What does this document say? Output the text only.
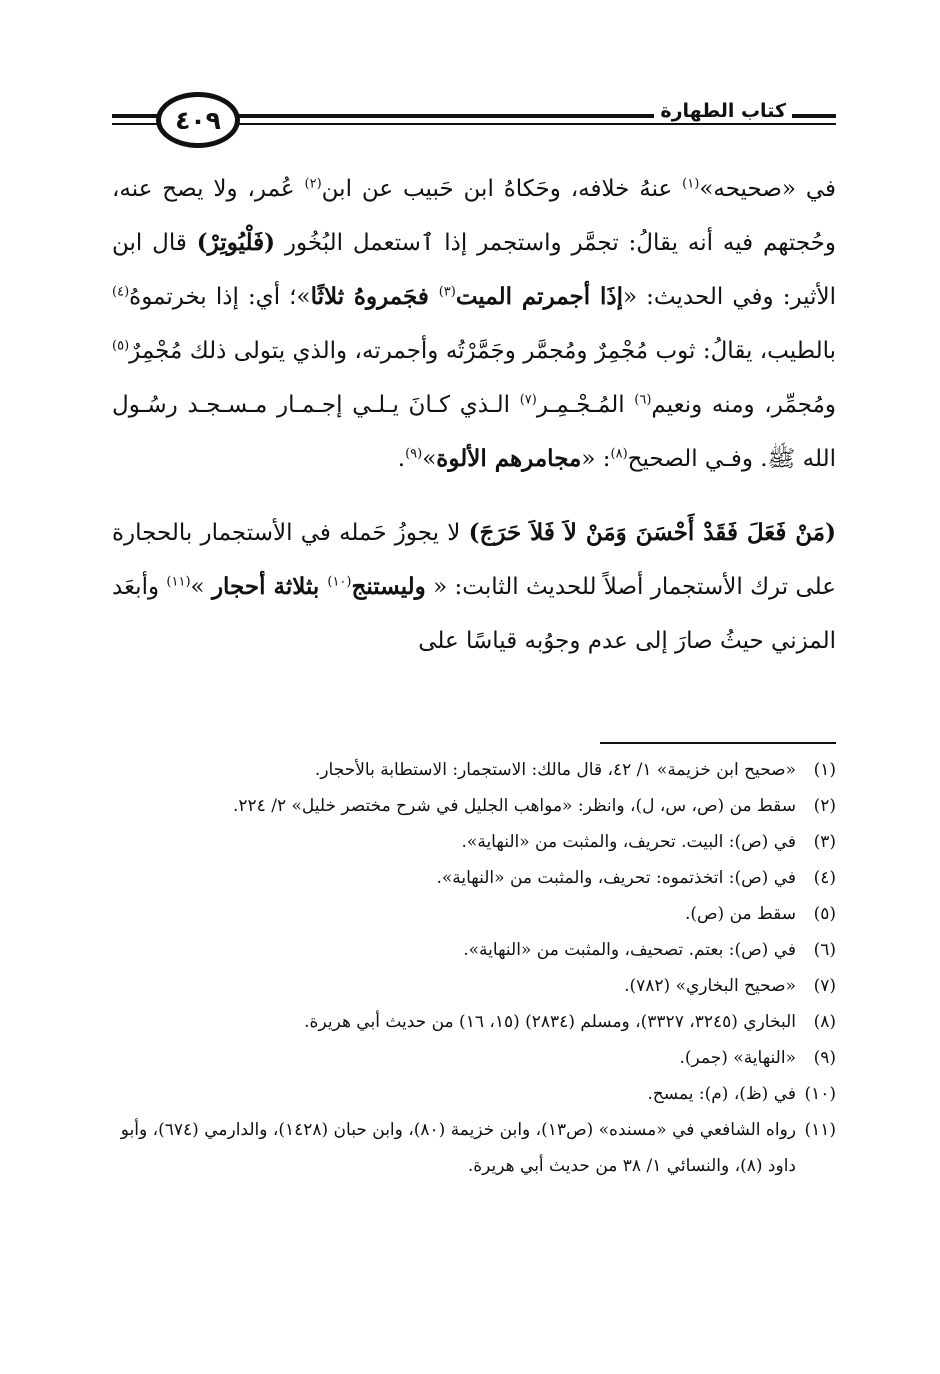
كتاب الطهارة
٤٠٩

في «صحيحه»$^{(١)}$ عنهُ خلافه، وحَكاهُ ابن حَبيب عن ابن$^{(٢)}$ عُمر، ولا يصح عنه، وحُجتهم فيه أنه يقالُ: تجمَّر واستجمر إذا ٱستعمل البُخُور (فَلْيُوتِرْ) قال ابن الأثير: وفي الحديث: «إذَا أجمرتم الميت$^{(٣)}$ فجَمروهُ ثلاثًا»؛ أي: إذا بخرتموهُ$^{(٤)}$ بالطيب، يقالُ: ثوب مُجْمِرٌ ومُجمَّر وجَمَّرْتُه وأجمرته، والذي يتولى ذلك مُجْمِرٌ$^{(٥)}$ ومُجمِّر، ومنه ونعيم$^{(٦)}$ المُـجْـمِـر$^{(٧)}$ الـذي كـانَ يـلـي إجـمـار مـسـجـد رسُـول الله ﷺ. وفـي الصحيح$^{(٨)}$: «مجامرهم الألوة»$^{(٩)}$.

(مَنْ فَعَلَ فَقَدْ أَحْسَنَ وَمَنْ لاَ فَلاَ حَرَجَ) لا يجوزُ حَمله في الأستجمار بالحجارة على ترك الأستجمار أصلاً للحديث الثابت: « وليستنج$^{(١٠)}$ بثلاثة أحجار »$^{(١١)}$ وأبعَد المزني حيثُ صارَ إلى عدم وجوُبه قياسًا على

(١)
«صحيح ابن خزيمة» ١/ ٤٢، قال مالك: الاستجمار: الاستطابة بالأحجار.
(٢)
سقط من (ص، س، ل)، وانظر: «مواهب الجليل في شرح مختصر خليل» ٢/ ٢٢٤.
(٣)
في (ص): البيت. تحريف، والمثبت من «النهاية».
(٤)
في (ص): اتخذتموه: تحريف، والمثبت من «النهاية».
(٥)
سقط من (ص).
(٦)
في (ص): بعتم. تصحيف، والمثبت من «النهاية».
(٧)
«صحيح البخاري» (٧٨٢).
(٨)
البخاري (٣٢٤٥، ٣٣٢٧)، ومسلم (٢٨٣٤) (١٥، ١٦) من حديث أبي هريرة.
(٩)
«النهاية» (جمر).
(١٠)
في (ظ)، (م): يمسح.
(١١)
رواه الشافعي في «مسنده» (ص١٣)، وابن خزيمة (٨٠)، وابن حبان (١٤٢٨)، والدارمي (٦٧٤)، وأبو داود (٨)، والنسائي ١/ ٣٨ من حديث أبي هريرة.
